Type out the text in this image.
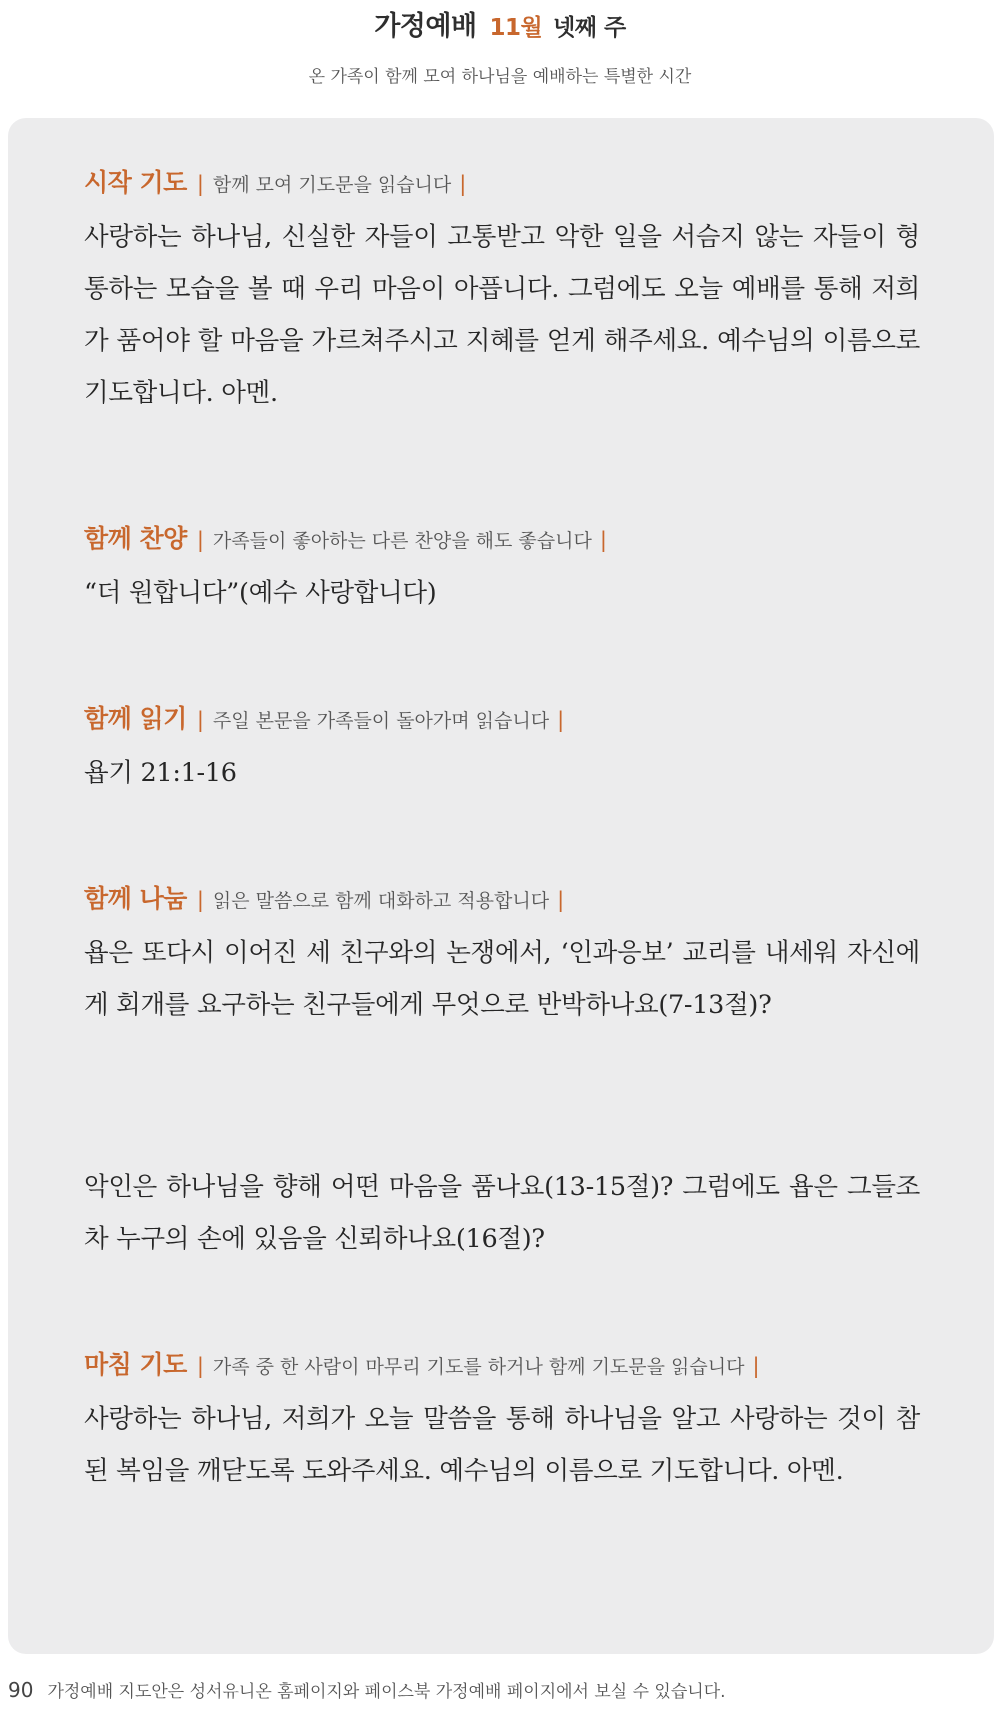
가정예배 11월 넷째 주
온 가족이 함께 모여 하나님을 예배하는 특별한 시간
시작 기도 | 함께 모여 기도문을 읽습니다 |
사랑하는 하나님, 신실한 자들이 고통받고 악한 일을 서슴지 않는 자들이 형통하는 모습을 볼 때 우리 마음이 아픕니다. 그럼에도 오늘 예배를 통해 저희가 품어야 할 마음을 가르쳐주시고 지혜를 얻게 해주세요. 예수님의 이름으로 기도합니다. 아멘.
함께 찬양 | 가족들이 좋아하는 다른 찬양을 해도 좋습니다 |
“더 원합니다”(예수 사랑합니다)
함께 읽기 | 주일 본문을 가족들이 돌아가며 읽습니다 |
욥기 21:1-16
함께 나눔 | 읽은 말씀으로 함께 대화하고 적용합니다 |
욥은 또다시 이어진 세 친구와의 논쟁에서, ‘인과응보’ 교리를 내세워 자신에게 회개를 요구하는 친구들에게 무엇으로 반박하나요(7-13절)?
악인은 하나님을 향해 어떤 마음을 품나요(13-15절)? 그럼에도 욥은 그들조차 누구의 손에 있음을 신뢰하나요(16절)?
마침 기도 | 가족 중 한 사람이 마무리 기도를 하거나 함께 기도문을 읽습니다 |
사랑하는 하나님, 저희가 오늘 말씀을 통해 하나님을 알고 사랑하는 것이 참된 복임을 깨닫도록 도와주세요. 예수님의 이름으로 기도합니다. 아멘.
90 가정예배 지도안은 성서유니온 홈페이지와 페이스북 가정예배 페이지에서 보실 수 있습니다.
